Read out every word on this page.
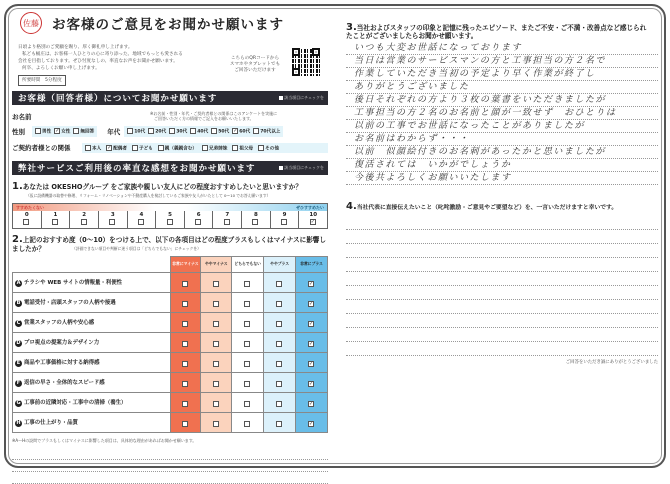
佐藤 お客様のご意見をお聞かせ願います
日頃より格別のご愛顧を賜り、厚く御礼申し上げます。
私ども桶庄は、お客様一人ひとりの心に寄り添った、地域でもっとも愛される
会社を目指しております。ぜひ忖度なしの、率直なお声をお聞かせ願います。
何卒、よろしくお願い申し上げます。
所要時間　5分程度
こちらのQRコードから
スマホやタブレットでも
ご回答いただけます
お客様（回答者様）についてお聞かせ願います	該当項目にチェックを
お名前	※お名前・性別・年代・ご契約者様との関係はこのアンケートを実施に
ご回答いただく方の情報でご記入をお願いいたします。
性別	男性 ✓ 女性	無回答 年代	10代	20代	30代	40代	50代 ✓ 60代	70代以上
ご契約者様との関係	本人 ✓ 配偶者	子ども	親（義親含む）	兄弟姉妹	祖父母	その他
弊社サービスご利用後の率直な感想をお聞かせ願います	該当項目にチェックを
1.あなたは OKESHOグループ をご家族や親しい友人にどの程度おすすめしたいと思いますか？
（仮に設備機器の取替や修理、リフォーム・リノベーションや不動産購入を検討しているご家族や友人がいたとして 0〜10 でお答え願います）
すすめたくない	ぜひすすめたい
0	1	2	3	4	5	6	7	8	9	10
✓
2.上記のおすすめ度（0〜10）をつける上で、以下の各項目はどの程度プラスもしくはマイナスに影響しましたか？	（評価できない項目や判断に迷う項目は「どちらでもない」にチェックを）
	非常にマイナス	ややマイナス	どちらでもない	ややプラス	非常にプラス
A チラシや WEB サイトの情報量・利便性					✓
B 電話受付・店頭スタッフの人柄や接遇					✓
C 営業スタッフの人柄や安心感					✓
D プロ視点の提案力＆デザイン力					✓
E 商品や工事価格に対する納得感					✓
F 返信の早さ・全体的なスピード感					✓
G 工事前の近隣対応・工事中の清掃（養生）					✓
H 工事の仕上がり・品質					✓
※A〜Hの設問でプラスもしくはマイナスに影響した項目は、具体的な理由があればお聞かせ願います。
3.当社およびスタッフの印象と記憶に残ったエピソード、またご不安・ご不満・改善点など感じられたことがございましたらお聞かせ願います。
いつも大変お世話になっております
当日は営業のサービスマンの方と工事担当の方２名で
作業していただき当初の予定より早く作業が終了し
ありがとうございました
後日それぞれの方より３枚の葉書をいただきましたが
工事担当の方２名のお名前と顔が一致せず　おひとりは
以前の工事でお世話になったことがありましたが
お名前はわからず・・・
以前　似顔絵付きのお名刺があったかと思いましたが
復活されては　いかがでしょうか
今後共よろしくお願いいたします
4.当社代表に直接伝えたいこと（叱咤激励・ご意見やご要望など）を、一言いただけますと幸いです。
ご回答をいただき誠にありがとうございました
